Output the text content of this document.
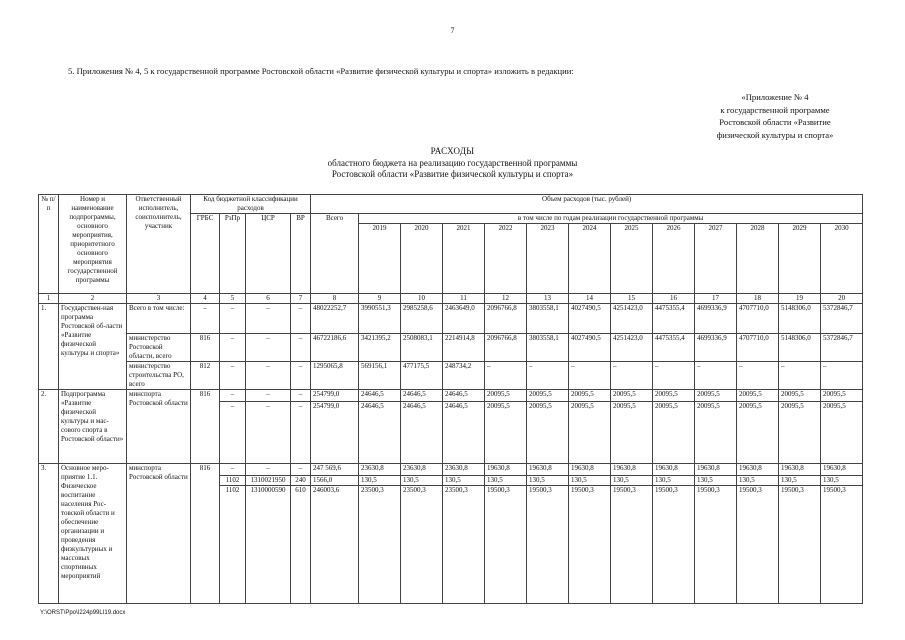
7
5. Приложения № 4, 5 к государственной программе Ростовской области «Развитие физической культуры и спорта» изложить в редакции:
«Приложение № 4
к государственной программе
Ростовской области «Развитие
физической культуры и спорта»
РАСХОДЫ
областного бюджета на реализацию государственной программы
Ростовской области «Развитие физической культуры и спорта»
№ п/п	Номер и наименование подпрограммы, основного мероприятия, приоритетного основного мероприятия государственной программы	Ответственный исполнитель, соисполнитель, участник	Код бюджетной классификации расходов				Объем расходов (тыс. рублей)												
			ГРБС	РзПр	ЦСР	ВР	Всего	в том числе по годам реализации государственной программы											
								2019	2020	2021	2022	2023	2024	2025	2026	2027	2028	2029	2030
1	2	3	4	5	6	7	8	9	10	11	12	13	14	15	16	17	18	19	20
1.	Государствен-ная программа Ростовской об-ласти «Развитие физической культуры и спорта»	Всего в том числе:	–	–	–	–	48022252,7	3990551,3	2985258,6	2463649,0	2096766,8	3803558,1	4027490,5	4251423,0	4475355,4	4699336,9	4707710,0	5148306,0	5372846,7
		министерство Ростовской области, всего	816	–	–	–	46722186,6	3421395,2	2508083,1	2214914,8	2096766,8	3803558,1	4027490,5	4251423,0	4475355,4	4699336,9	4707710,0	5148306,0	5372846,7
		министерство строительства РО, всего	812	–	–	–	1295065,8	569156,1	477175,5	248734,2	–	–	–	–	–	–	–	–	–
2.	Подпрограмма «Развитие физической культуры и мас-сового спорта в Ростовской области»	минспорта Ростовской области	816	–	–	–	254799,0	24646,5	24646,5	24646,5	20095,5	20095,5	20095,5	20095,5	20095,5	20095,5	20095,5	20095,5	20095,5
				–	–	–	254799,0	24646,5	24646,5	24646,5	20095,5	20095,5	20095,5	20095,5	20095,5	20095,5	20095,5	20095,5	20095,5
3.	Основное меро-приятие 1.1. Физическое воспитание населения Рос-товской области и обеспечение организации и проведения физкультурных и массовых спортивных мероприятий	минспорта Ростовской области	816	–	–	–	247 569,6	23630,8	23630,8	23630,8	19630,8	19630,8	19630,8	19630,8	19630,8	19630,8	19630,8	19630,8	19630,8
				1102	1310021950	240	1566,0	130,5	130,5	130,5	130,5	130,5	130,5	130,5	130,5	130,5	130,5	130,5	130,5
				1102	1310000590	610	246003,6	23500,3	23500,3	23500,3	19500,3	19500,3	19500,3	19500,3	19500,3	19500,3	19500,3	19500,3	19500,3
Y:\ORST\Ppo\I224p99LI19.docx
